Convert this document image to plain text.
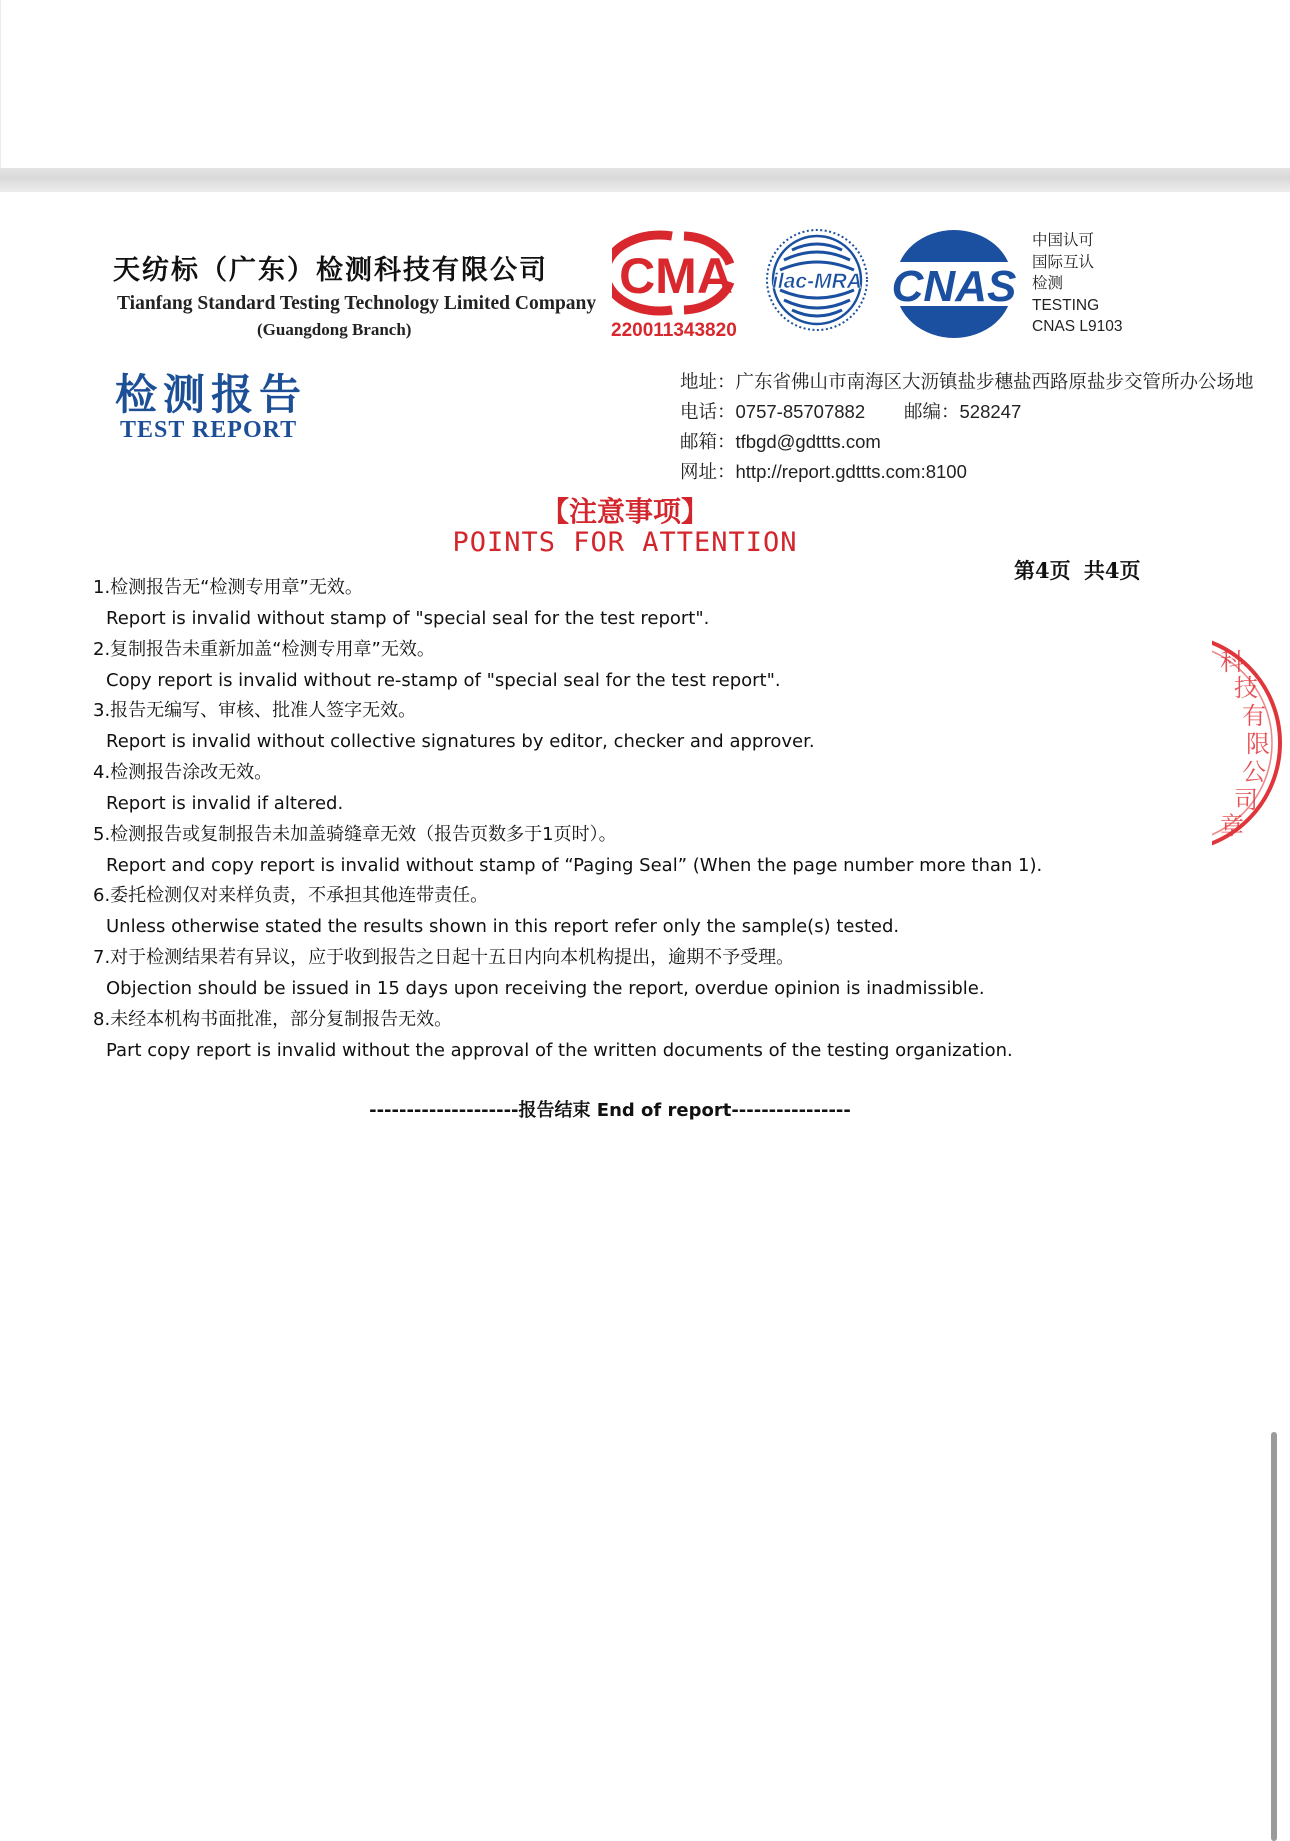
天纺标（广东）检测科技有限公司
Tianfang Standard Testing Technology Limited Company
(Guangdong Branch)
检测报告
TEST REPORT
CMA
220011343820
ilac-MRA CNAS
中国认可
国际互认
检测
TESTING
CNAS L9103
地址：广东省佛山市南海区大沥镇盐步穗盐西路原盐步交管所办公场地
电话：0757-85707882 邮编：528247
邮箱：tfbgd@gdttts.com
网址：http://report.gdttts.com:8100
【注意事项】
POINTS FOR ATTENTION
第4页 共4页
1.检测报告无“检测专用章”无效。
Report is invalid without stamp of "special seal for the test report".
2.复制报告未重新加盖“检测专用章”无效。
Copy report is invalid without re-stamp of "special seal for the test report".
3.报告无编写、审核、批准人签字无效。
Report is invalid without collective signatures by editor, checker and approver.
4.检测报告涂改无效。
Report is invalid if altered.
5.检测报告或复制报告未加盖骑缝章无效（报告页数多于1页时）。
Report and copy report is invalid without stamp of “Paging Seal” (When the page number more than 1).
6.委托检测仅对来样负责，不承担其他连带责任。
Unless otherwise stated the results shown in this report refer only the sample(s) tested.
7.对于检测结果若有异议，应于收到报告之日起十五日内向本机构提出，逾期不予受理。
Objection should be issued in 15 days upon receiving the report, overdue opinion is inadmissible.
8.未经本机构书面批准，部分复制报告无效。
Part copy report is invalid without the approval of the written documents of the testing organization.
--------------------报告结束 End of report----------------
科 技 有 限 公 司 章
